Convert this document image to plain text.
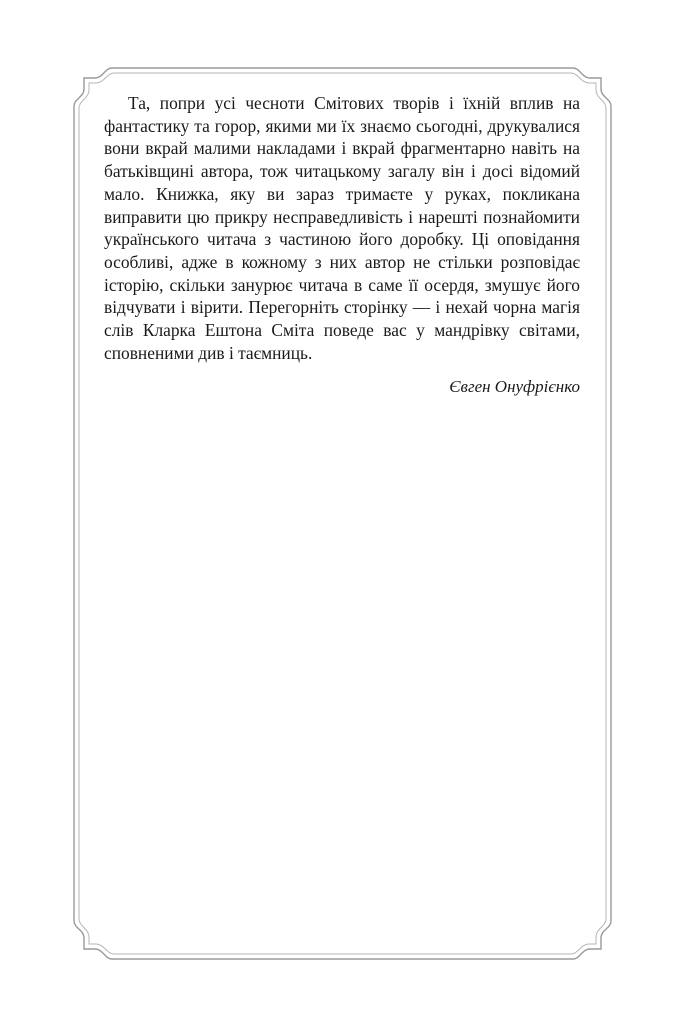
Та, попри усі чесноти Смітових творів і їхній вплив на фантастику та горор, якими ми їх знаємо сьогодні, друкувалися вони вкрай малими накладами і вкрай фрагментарно навіть на батьківщині автора, тож читацькому загалу він і досі відомий мало. Книжка, яку ви зараз тримаєте у руках, покликана виправити цю прикру несправедливість і нарешті познайомити українського читача з частиною його доробку. Ці оповідання особливі, адже в кожному з них автор не стільки розповідає історію, скільки занурює читача в саме її осердя, змушує його відчувати і вірити. Перегорніть сторінку — і нехай чорна магія слів Кларка Ештона Сміта поведе вас у мандрівку світами, сповненими див і таємниць.

Євген Онуфрієнко
